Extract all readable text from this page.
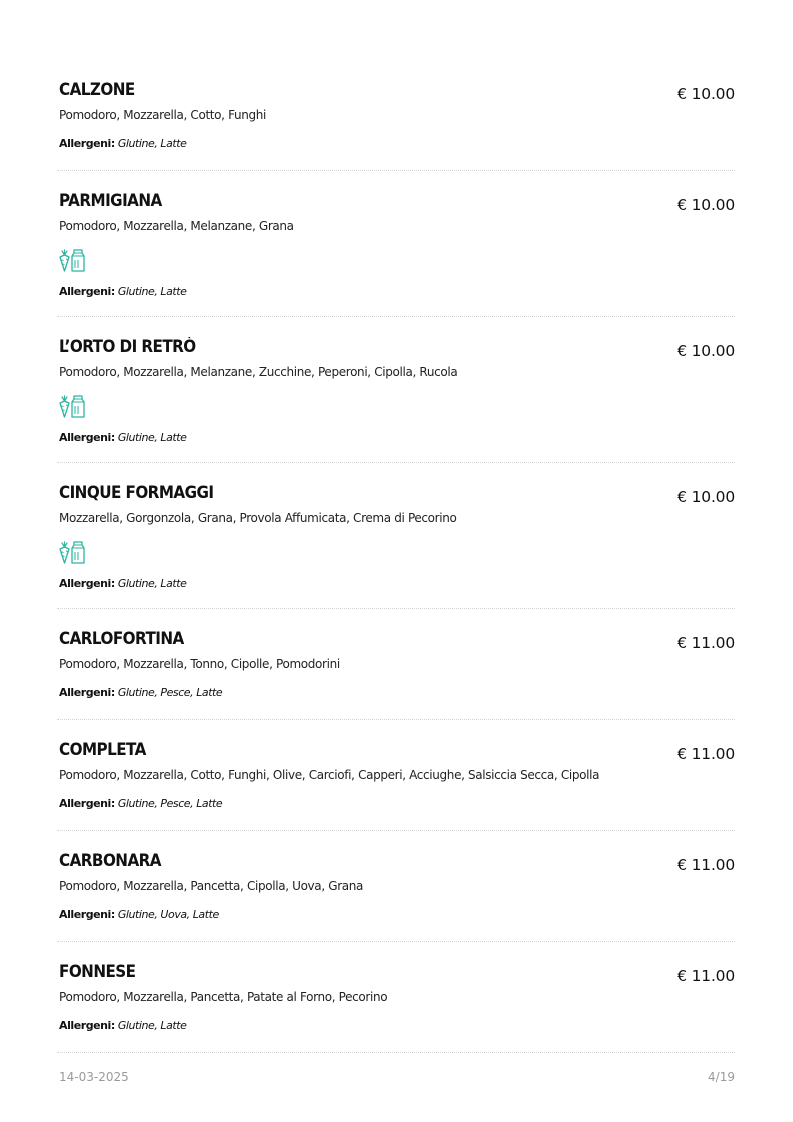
CALZONE	€ 10.00
Pomodoro, Mozzarella, Cotto, Funghi
Allergeni: Glutine, Latte
PARMIGIANA	€ 10.00
Pomodoro, Mozzarella, Melanzane, Grana
Allergeni: Glutine, Latte
L’ORTO DI RETRÒ	€ 10.00
Pomodoro, Mozzarella, Melanzane, Zucchine, Peperoni, Cipolla, Rucola
Allergeni: Glutine, Latte
CINQUE FORMAGGI	€ 10.00
Mozzarella, Gorgonzola, Grana, Provola Affumicata, Crema di Pecorino
Allergeni: Glutine, Latte
CARLOFORTINA	€ 11.00
Pomodoro, Mozzarella, Tonno, Cipolle, Pomodorini
Allergeni: Glutine, Pesce, Latte
COMPLETA	€ 11.00
Pomodoro, Mozzarella, Cotto, Funghi, Olive, Carciofi, Capperi, Acciughe, Salsiccia Secca, Cipolla
Allergeni: Glutine, Pesce, Latte
CARBONARA	€ 11.00
Pomodoro, Mozzarella, Pancetta, Cipolla, Uova, Grana
Allergeni: Glutine, Uova, Latte
FONNESE	€ 11.00
Pomodoro, Mozzarella, Pancetta, Patate al Forno, Pecorino
Allergeni: Glutine, Latte
14-03-2025	4/19
